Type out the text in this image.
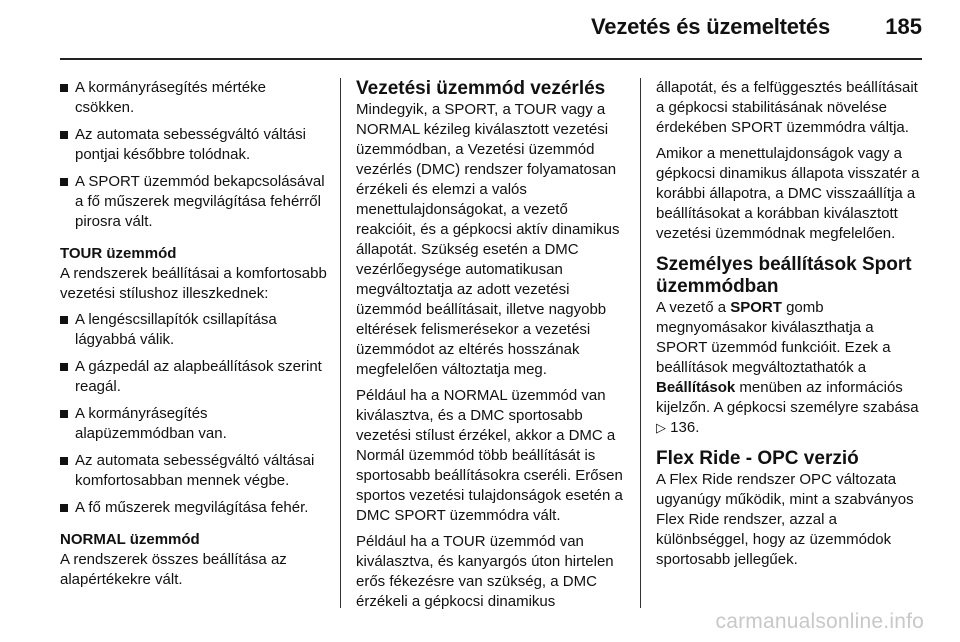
Vezetés és üzemeltetés	185
A kormányrásegítés mértéke csökken.
Az automata sebességváltó váltási pontjai későbbre tolódnak.
A SPORT üzemmód bekapcsolásával a fő műszerek megvilágítása fehérről pirosra vált.
TOUR üzemmód
A rendszerek beállításai a komfortosabb vezetési stílushoz illeszkednek:
A lengéscsillapítók csillapítása lágyabbá válik.
A gázpedál az alapbeállítások szerint reagál.
A kormányrásegítés alapüzemmódban van.
Az automata sebességváltó váltásai komfortosabban mennek végbe.
A fő műszerek megvilágítása fehér.
NORMAL üzemmód
A rendszerek összes beállítása az alapértékekre vált.
Vezetési üzemmód vezérlés
Mindegyik, a SPORT, a TOUR vagy a NORMAL kézileg kiválasztott vezetési üzemmódban, a Vezetési üzemmód vezérlés (DMC) rendszer folyamatosan érzékeli és elemzi a valós menettulajdonságokat, a vezető reakcióit, és a gépkocsi aktív dinamikus állapotát. Szükség esetén a DMC vezérlőegysége automatikusan megváltoztatja az adott vezetési üzemmód beállításait, illetve nagyobb eltérések felismerésekor a vezetési üzemmódot az eltérés hosszának megfelelően változtatja meg.
Például ha a NORMAL üzemmód van kiválasztva, és a DMC sportosabb vezetési stílust érzékel, akkor a DMC a Normál üzemmód több beállítását is sportosabb beállításokra cseréli. Erősen sportos vezetési tulajdonságok esetén a DMC SPORT üzemmódra vált.
Például ha a TOUR üzemmód van kiválasztva, és kanyargós úton hirtelen erős fékezésre van szükség, a DMC érzékeli a gépkocsi dinamikus
állapotát, és a felfüggesztés beállításait a gépkocsi stabilitásának növelése érdekében SPORT üzemmódra váltja.
Amikor a menettulajdonságok vagy a gépkocsi dinamikus állapota visszatér a korábbi állapotra, a DMC visszaállítja a beállításokat a korábban kiválasztott vezetési üzemmódnak megfelelően.
Személyes beállítások Sport üzemmódban
A vezető a SPORT gomb megnyomásakor kiválaszthatja a SPORT üzemmód funkcióit. Ezek a beállítások megváltoztathatók a Beállítások menüben az információs kijelzőn. A gépkocsi személyre szabása ▷ 136.
Flex Ride - OPC verzió
A Flex Ride rendszer OPC változata ugyanúgy működik, mint a szabványos Flex Ride rendszer, azzal a különbséggel, hogy az üzemmódok sportosabb jellegűek.
carmanualsonline.info
